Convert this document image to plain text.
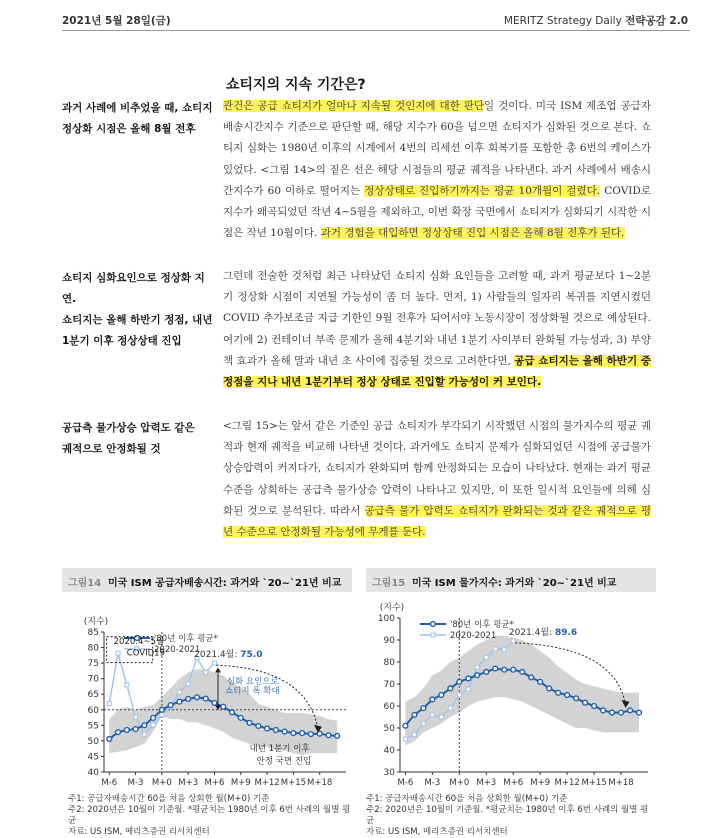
2021년 5월 28일(금)	MERITZ Strategy Daily 전략공감 2.0
쇼티지의 지속 기간은?
과거 사례에 비추었을 때, 쇼티지
정상화 시점은 올해 8월 전후
쇼티지 심화요인으로 정상화 지연.
쇼티지는 올해 하반기 정점, 내년
1분기 이후 정상상태 진입
공급측 물가상승 압력도 같은
궤적으로 안정화될 것
관건은 공급 쇼티지가 얼마나 지속될 것인지에 대한 판단일 것이다. 미국 ISM 제조업 공급자배송시간지수 기준으로 판단할 때, 해당 지수가 60을 넘으면 쇼티지가 심화된 것으로 본다. 쇼티지 심화는 1980년 이후의 시계에서 4번의 리세션 이후 회복기를 포함한 총 6번의 케이스가 있었다. <그림 14>의 짙은 선은 해당 시점들의 평균 궤적을 나타낸다. 과거 사례에서 배송시간지수가 60 이하로 떨어지는 정상상태로 진입하기까지는 평균 10개월이 걸렸다. COVID로 지수가 왜곡되었던 작년 4~5월을 제외하고, 이번 확장 국면에서 쇼티지가 심화되기 시작한 시점은 작년 10월이다. 과거 경험을 대입하면 정상상태 진입 시점은 올해 8월 전후가 된다.
그런데 전술한 것처럼 최근 나타났던 쇼티지 심화 요인들을 고려할 때, 과거 평균보다 1~2분기 정상화 시점이 지연될 가능성이 좀 더 높다. 먼저, 1) 사람들의 일자리 복귀를 지연시켰던 COVID 추가보조금 지급 기한인 9월 전후가 되어서야 노동시장이 정상화될 것으로 예상된다. 여기에 2) 컨테이너 부족 문제가 올해 4분기와 내년 1분기 사이부터 완화될 가능성과, 3) 부양책 효과가 올해 말과 내년 초 사이에 집중될 것으로 고려한다면, 공급 쇼티지는 올해 하반기 중 정점을 지나 내년 1분기부터 정상 상태로 진입할 가능성이 커 보인다.
<그림 15>는 앞서 같은 기준인 공급 쇼티지가 부각되기 시작했던 시점의 물가지수의 평균 궤적과 현재 궤적을 비교해 나타낸 것이다. 과거에도 쇼티지 문제가 심화되었던 시점에 공급물가 상승압력이 커지다가, 쇼티지가 완화되며 함께 안정화되는 모습이 나타났다. 현재는 과거 평균수준을 상회하는 공급측 물가상승 압력이 나타나고 있지만, 이 또한 일시적 요인들에 의해 심화된 것으로 분석된다. 따라서 공급측 물가 압력도 쇼티지가 완화되는 것과 같은 궤적으로 평년 수준으로 안정화될 가능성에 무게를 둔다.
그림14 미국 ISM 공급자배송시간: 과거와 `20~`21년 비교
(지수)
40
45
50
55
60
65
70
75
80
85
M-6 M-3 M+0 M+3 M+6 M+9 M+12 M+15 M+18
'80년 이후 평균*
2020-2021
2021.4월: 75.0
2020.4~5월
COVID19
심화 요인으로
쇼티지 폭 확대
내년 1분기 이후
안정 국면 진입
주1: 공급자배송시간 60을 처음 상회한 월(M+0) 기준
주2: 2020년은 10월이 기준월. *평균치는 1980년 이후 6번 사례의 월별 평균
자료: US ISM, 메리츠증권 리서치센터
그림15 미국 ISM 물가지수: 과거와 `20~`21년 비교
(지수)
30
40
50
60
70
80
90
100
M-6 M-3 M+0 M+3 M+6 M+9 M+12 M+15 M+18
'80년 이후 평균*
2020-2021 2021.4월: 89.6
주1: 공급자배송시간 60을 처음 상회한 월(M+0) 기준
주2: 2020년은 10월이 기준월. *평균치는 1980년 이후 6번 사례의 월별 평균
자료: US ISM, 메리츠증권 리서치센터
